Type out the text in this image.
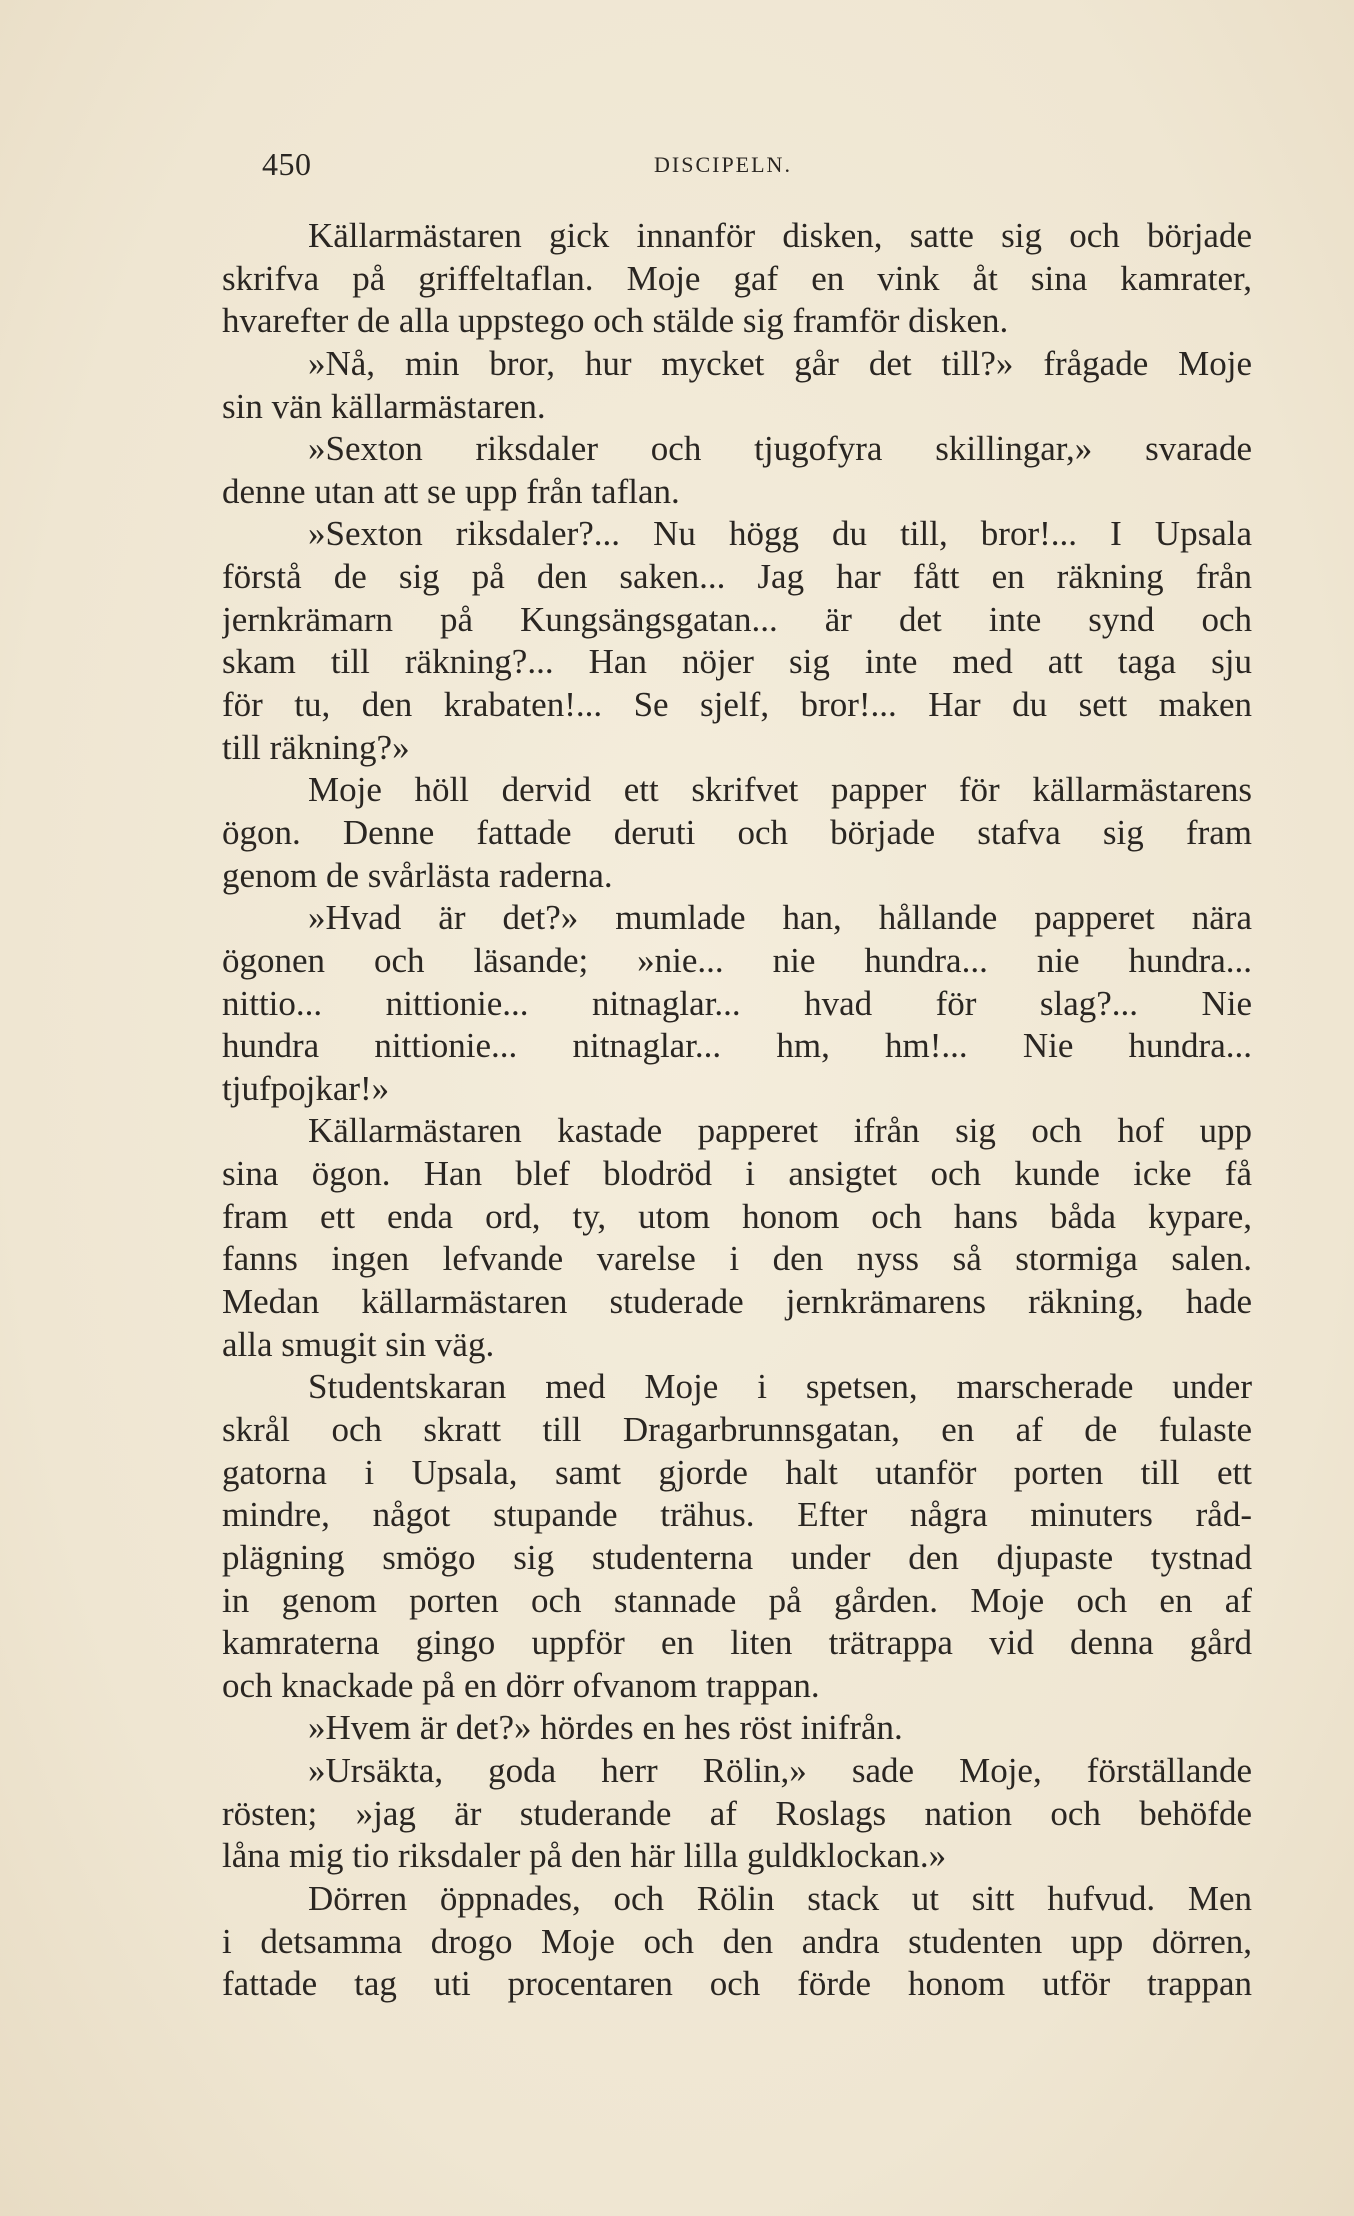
450	DISCIPELN.
Källarmästaren gick innanför disken, satte sig och började
skrifva på griffeltaflan. Moje gaf en vink åt sina kamrater,
hvarefter de alla uppstego och stälde sig framför disken.
»Nå, min bror, hur mycket går det till?» frågade Moje
sin vän källarmästaren.
»Sexton riksdaler och tjugofyra skillingar,» svarade
denne utan att se upp från taflan.
»Sexton riksdaler?... Nu högg du till, bror!... I Upsala
förstå de sig på den saken... Jag har fått en räkning från
jernkrämarn på Kungsängsgatan... är det inte synd och
skam till räkning?... Han nöjer sig inte med att taga sju
för tu, den krabaten!... Se sjelf, bror!... Har du sett maken
till räkning?»
Moje höll dervid ett skrifvet papper för källarmästarens
ögon. Denne fattade deruti och började stafva sig fram
genom de svårlästa raderna.
»Hvad är det?» mumlade han, hållande papperet nära
ögonen och läsande; »nie... nie hundra... nie hundra...
nittio... nittionie... nitnaglar... hvad för slag?... Nie
hundra nittionie... nitnaglar... hm, hm!... Nie hundra...
tjufpojkar!»
Källarmästaren kastade papperet ifrån sig och hof upp
sina ögon. Han blef blodröd i ansigtet och kunde icke få
fram ett enda ord, ty, utom honom och hans båda kypare,
fanns ingen lefvande varelse i den nyss så stormiga salen.
Medan källarmästaren studerade jernkrämarens räkning, hade
alla smugit sin väg.
Studentskaran med Moje i spetsen, marscherade under
skrål och skratt till Dragarbrunnsgatan, en af de fulaste
gatorna i Upsala, samt gjorde halt utanför porten till ett
mindre, något stupande trähus. Efter några minuters råd-
plägning smögo sig studenterna under den djupaste tystnad
in genom porten och stannade på gården. Moje och en af
kamraterna gingo uppför en liten trätrappa vid denna gård
och knackade på en dörr ofvanom trappan.
»Hvem är det?» hördes en hes röst inifrån.
»Ursäkta, goda herr Rölin,» sade Moje, förställande
rösten; »jag är studerande af Roslags nation och behöfde
låna mig tio riksdaler på den här lilla guldklockan.»
Dörren öppnades, och Rölin stack ut sitt hufvud. Men
i detsamma drogo Moje och den andra studenten upp dörren,
fattade tag uti procentaren och förde honom utför trappan
